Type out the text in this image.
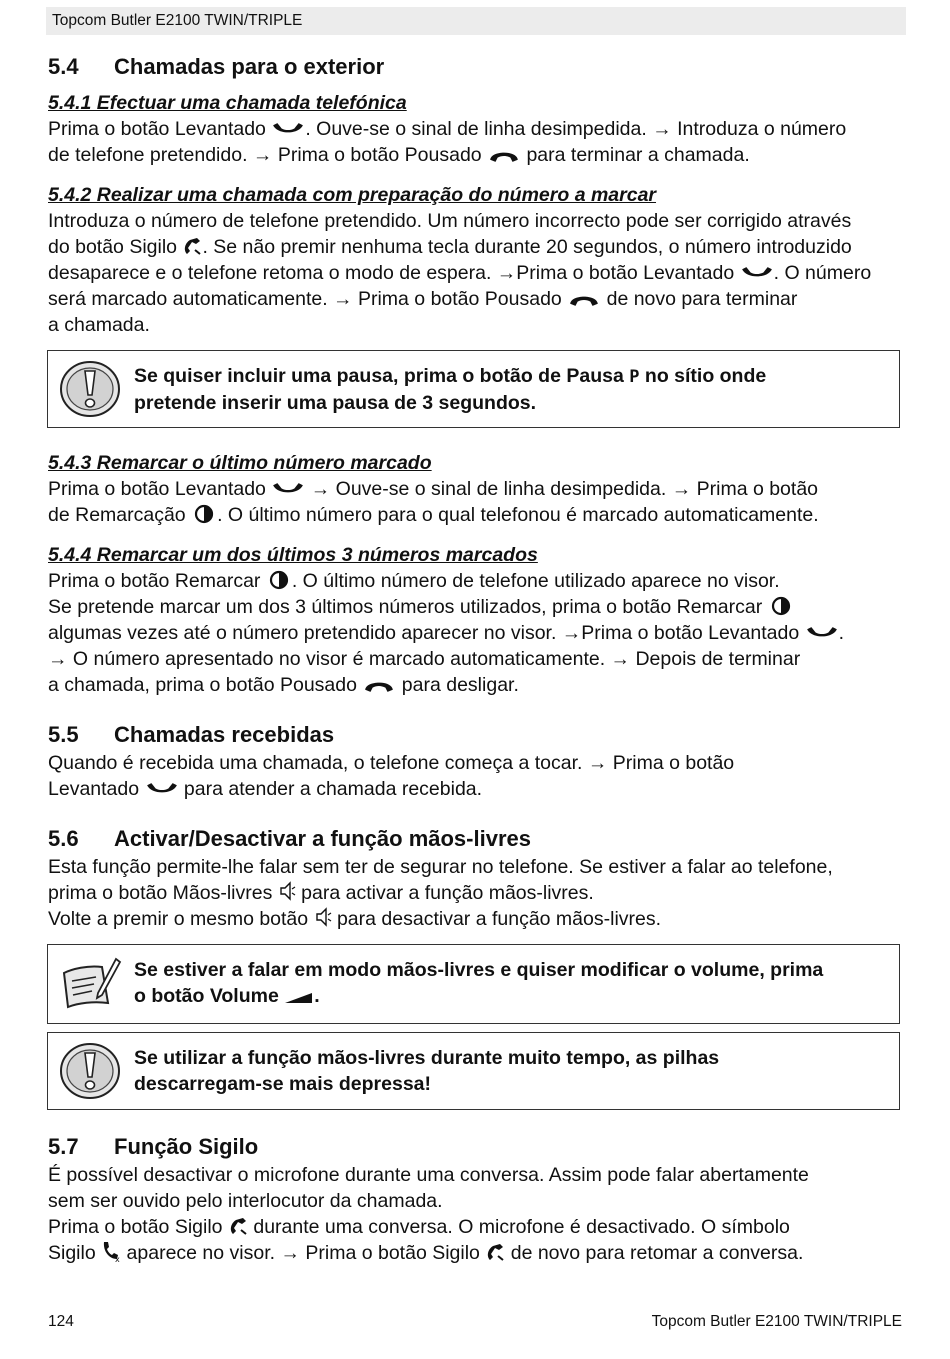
Topcom Butler E2100 TWIN/TRIPLE
5.4 Chamadas para o exterior
5.4.1 Efectuar uma chamada telefónica

Prima o botão Levantado . Ouve-se o sinal de linha desimpedida. → Introduza o número
de telefone pretendido. → Prima o botão Pousado  para terminar a chamada.

5.4.2 Realizar uma chamada com preparação do número a marcar

Introduza o número de telefone pretendido. Um número incorrecto pode ser corrigido através
do botão Sigilo . Se não premir nenhuma tecla durante 20 segundos, o número introduzido
desaparece e o telefone retoma o modo de espera. →Prima o botão Levantado . O número
será marcado automaticamente. → Prima o botão Pousado  de novo para terminar
a chamada.

Se quiser incluir uma pausa, prima o botão de Pausa P no sítio onde
pretende inserir uma pausa de 3 segundos.
5.4.3 Remarcar o último número marcado

Prima o botão Levantado  → Ouve-se o sinal de linha desimpedida. → Prima o botão
de Remarcação . O último número para o qual telefonou é marcado automaticamente.

5.4.4 Remarcar um dos últimos 3 números marcados

Prima o botão Remarcar . O último número de telefone utilizado aparece no visor.
Se pretende marcar um dos 3 últimos números utilizados, prima o botão Remarcar
algumas vezes até o número pretendido aparecer no visor. →Prima o botão Levantado .
→ O número apresentado no visor é marcado automaticamente. → Depois de terminar
a chamada, prima o botão Pousado  para desligar.

5.5 Chamadas recebidas

Quando é recebida uma chamada, o telefone começa a tocar. → Prima o botão
Levantado  para atender a chamada recebida.

5.6 Activar/Desactivar a função mãos-livres

Esta função permite-lhe falar sem ter de segurar no telefone. Se estiver a falar ao telefone,
prima o botão Mãos-livres  para activar a função mãos-livres.
Volte a premir o mesmo botão  para desactivar a função mãos-livres.

Se estiver a falar em modo mãos-livres e quiser modificar o volume, prima
o botão Volume .
Se utilizar a função mãos-livres durante muito tempo, as pilhas
descarregam-se mais depressa!
5.7 Função Sigilo

É possível desactivar o microfone durante uma conversa. Assim pode falar abertamente
sem ser ouvido pelo interlocutor da chamada.
Prima o botão Sigilo  durante uma conversa. O microfone é desactivado. O símbolo
Sigilo  aparece no visor. → Prima o botão Sigilo  de novo para retomar a conversa.

124	Topcom Butler E2100 TWIN/TRIPLE
